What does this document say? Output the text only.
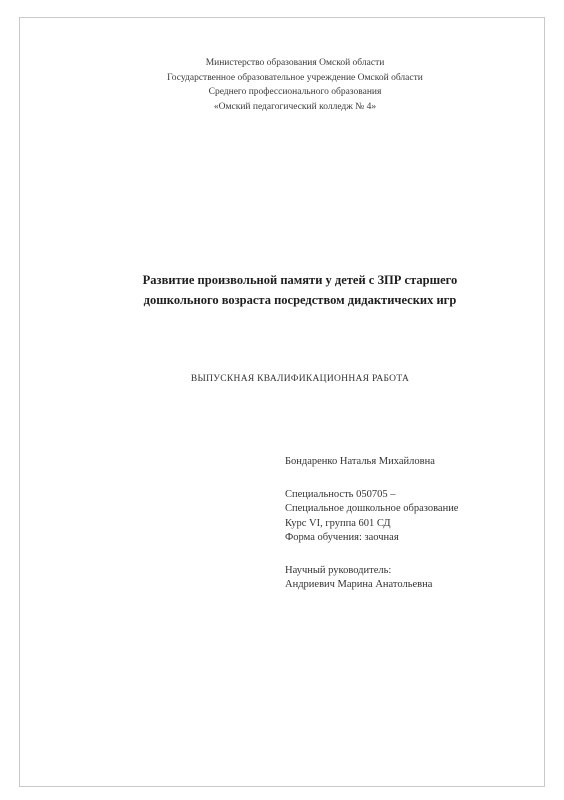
Министерство образования Омской области
Государственное образовательное учреждение Омской области
Среднего профессионального образования
«Омский педагогический колледж № 4»
Развитие произвольной памяти у детей с ЗПР старшего
дошкольного возраста посредством дидактических игр
ВЫПУСКНАЯ КВАЛИФИКАЦИОННАЯ РАБОТА
Бондаренко Наталья Михайловна
Специальность 050705 –
Специальное дошкольное образование
Курс VI, группа 601 СД
Форма обучения: заочная
Научный руководитель:
Андриевич Марина Анатольевна
